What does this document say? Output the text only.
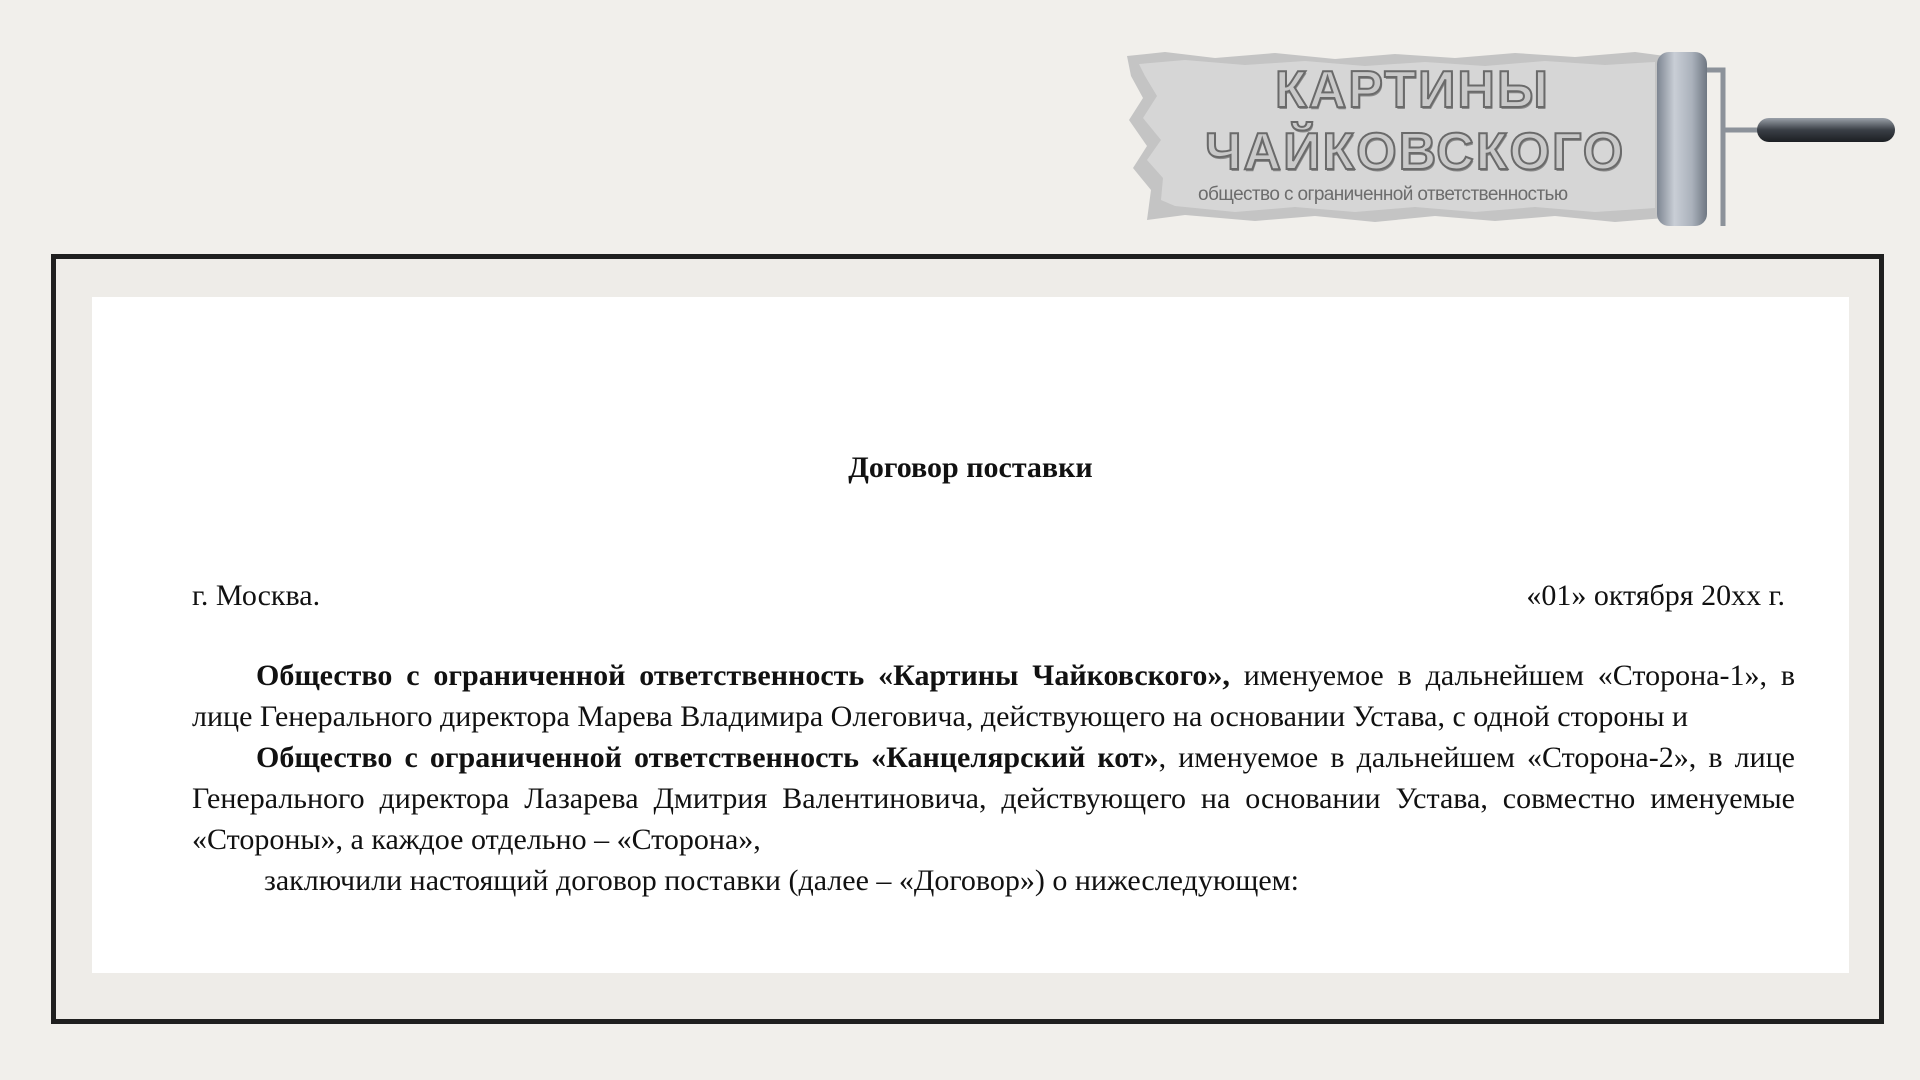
КАРТИНЫ
ЧАЙКОВСКОГО
общество с ограниченной ответственностью
Договор поставки
г. Москва.	«01» октября 20хх г.

Общество с ограниченной ответственность «Картины Чайковского», именуемое в дальнейшем «Сторона-1», в лице Генерального директора Марева Владимира Олеговича, действующего на основании Устава, с одной стороны и

Общество с ограниченной ответственность «Канцелярский кот», именуемое в дальнейшем «Сторона-2», в лице Генерального директора Лазарева Дмитрия Валентиновича, действующего на основании Устава, совместно именуемые «Стороны», а каждое отдельно – «Сторона»,

заключили настоящий договор поставки (далее – «Договор») о нижеследующем:
